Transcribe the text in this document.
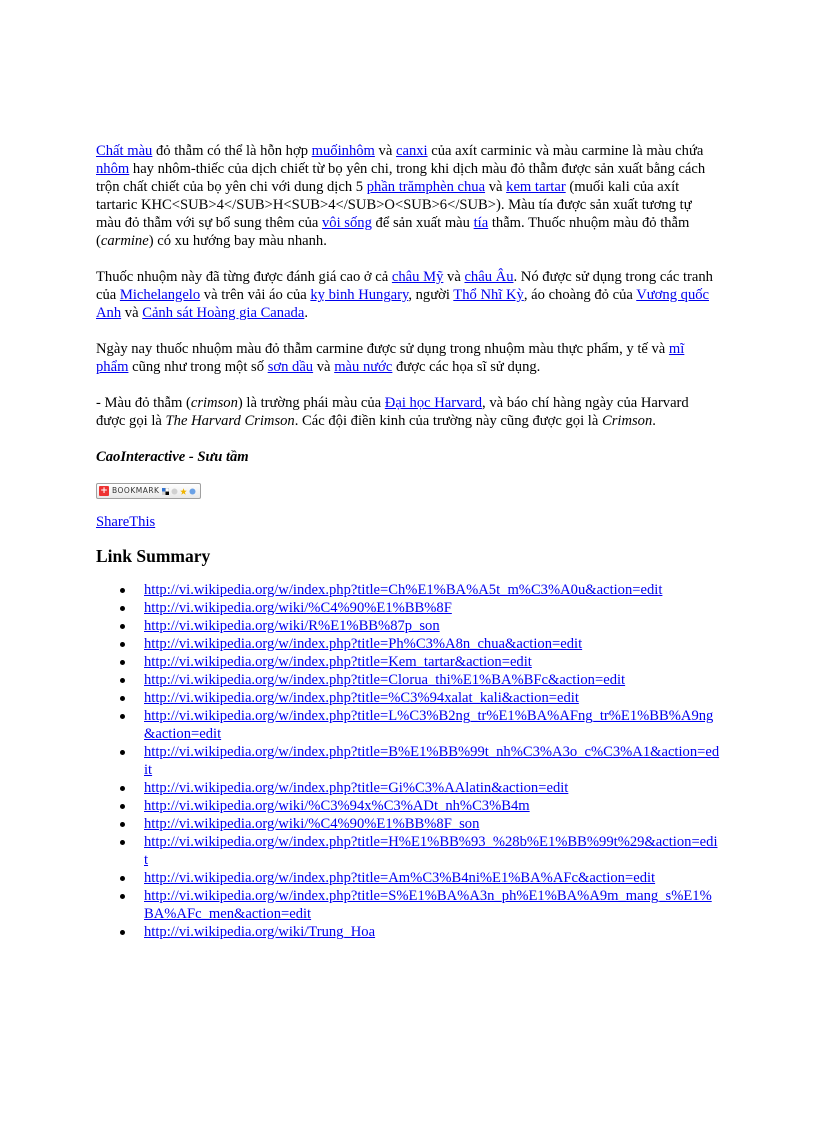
Chất màu đỏ thẫm có thể là hỗn hợp muốinhôm và canxi của axít carminic và màu carmine là màu chứa nhôm hay nhôm-thiếc của dịch chiết từ bọ yên chi, trong khi dịch màu đỏ thẫm được sản xuất bằng cách trộn chất chiết của bọ yên chi với dung dịch 5 phần trămphèn chua và kem tartar (muối kali của axít tartaric KHC<SUB>4</SUB>H<SUB>4</SUB>O<SUB>6</SUB>). Màu tía được sản xuất tương tự màu đỏ thẫm với sự bổ sung thêm của vôi sống để sản xuất màu tía thẫm. Thuốc nhuộm màu đỏ thẫm (carmine) có xu hướng bay màu nhanh.

Thuốc nhuộm này đã từng được đánh giá cao ở cả châu Mỹ và châu Âu. Nó được sử dụng trong các tranh của Michelangelo và trên vải áo của kỵ binh Hungary, người Thổ Nhĩ Kỳ, áo choàng đỏ của Vương quốc Anh và Cảnh sát Hoàng gia Canada.

Ngày nay thuốc nhuộm màu đỏ thẫm carmine được sử dụng trong nhuộm màu thực phẩm, y tế và mĩ phẩm cũng như trong một số sơn dầu và màu nước được các họa sĩ sử dụng.

- Màu đỏ thẫm (crimson) là trường phái màu của Đại học Harvard, và báo chí hàng ngày của Harvard được gọi là The Harvard Crimson. Các đội điền kinh của trường này cũng được gọi là Crimson.

CaoInteractive - Sưu tầm

+ BOOKMARK
ShareThis
Link Summary
http://vi.wikipedia.org/w/index.php?title=Ch%E1%BA%A5t_m%C3%A0u&action=edit
http://vi.wikipedia.org/wiki/%C4%90%E1%BB%8F
http://vi.wikipedia.org/wiki/R%E1%BB%87p_son
http://vi.wikipedia.org/w/index.php?title=Ph%C3%A8n_chua&action=edit
http://vi.wikipedia.org/w/index.php?title=Kem_tartar&action=edit
http://vi.wikipedia.org/w/index.php?title=Clorua_thi%E1%BA%BFc&action=edit
http://vi.wikipedia.org/w/index.php?title=%C3%94xalat_kali&action=edit
http://vi.wikipedia.org/w/index.php?title=L%C3%B2ng_tr%E1%BA%AFng_tr%E1%BB%A9ng&action=edit
http://vi.wikipedia.org/w/index.php?title=B%E1%BB%99t_nh%C3%A3o_c%C3%A1&action=edit
http://vi.wikipedia.org/w/index.php?title=Gi%C3%AAlatin&action=edit
http://vi.wikipedia.org/wiki/%C3%94x%C3%ADt_nh%C3%B4m
http://vi.wikipedia.org/wiki/%C4%90%E1%BB%8F_son
http://vi.wikipedia.org/w/index.php?title=H%E1%BB%93_%28b%E1%BB%99t%29&action=edit
http://vi.wikipedia.org/w/index.php?title=Am%C3%B4ni%E1%BA%AFc&action=edit
http://vi.wikipedia.org/w/index.php?title=S%E1%BA%A3n_ph%E1%BA%A9m_mang_s%E1%BA%AFc_men&action=edit
http://vi.wikipedia.org/wiki/Trung_Hoa
